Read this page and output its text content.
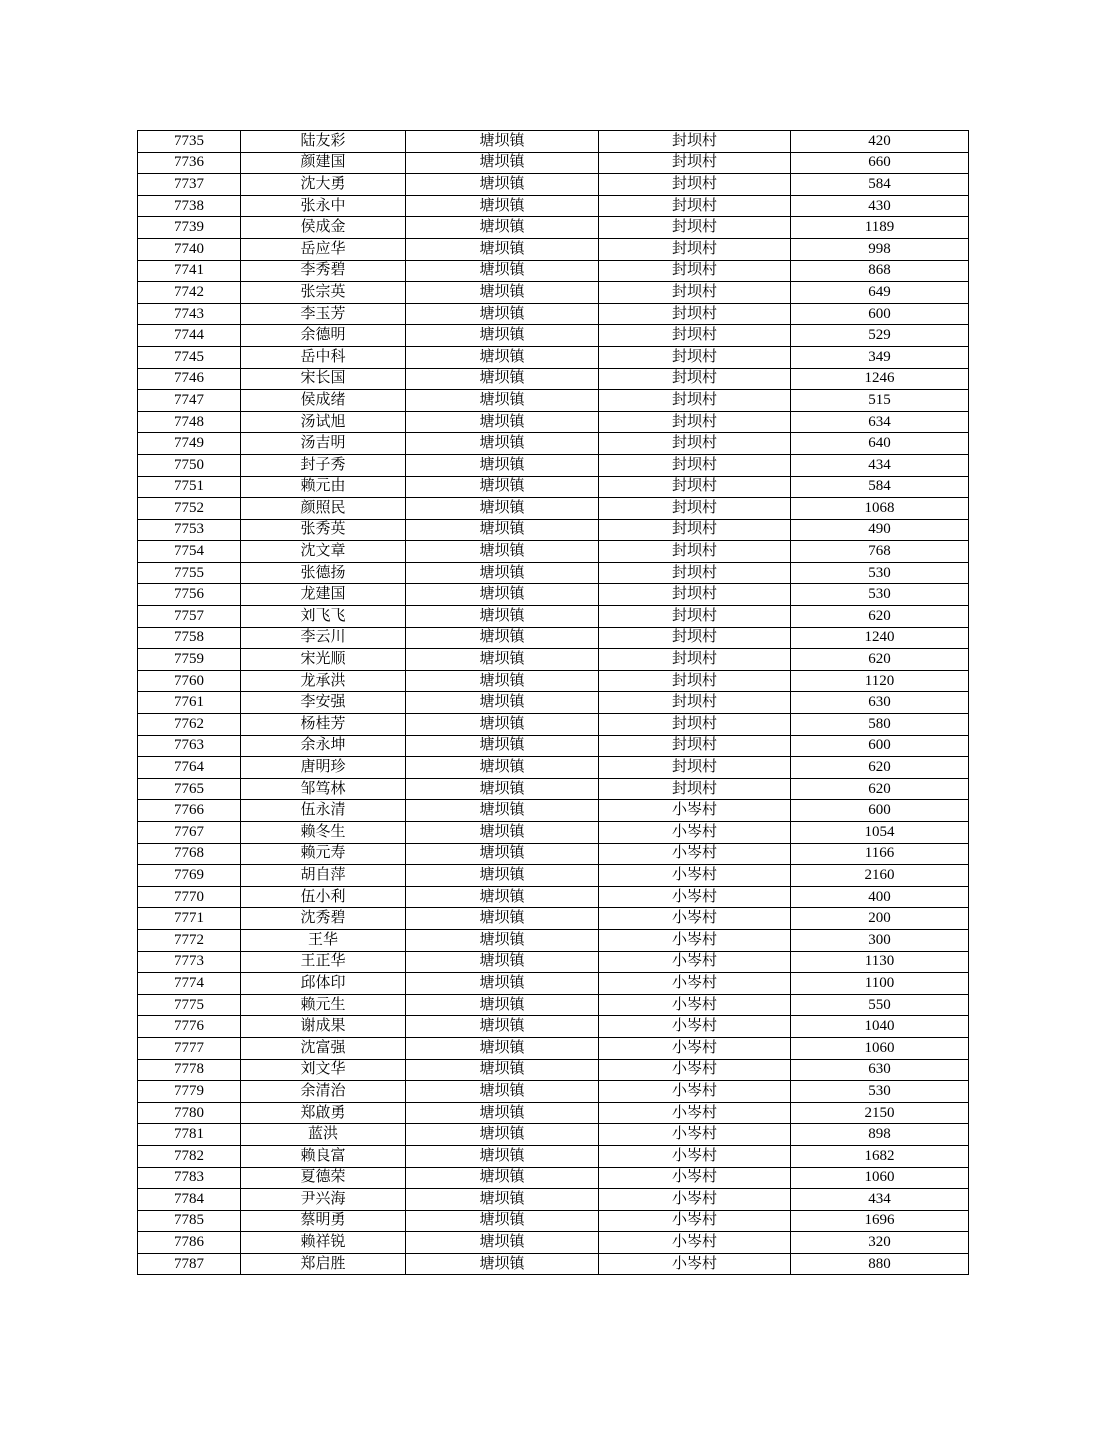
7735	陆友彩	塘坝镇	封坝村	420
7736	颜建国	塘坝镇	封坝村	660
7737	沈大勇	塘坝镇	封坝村	584
7738	张永中	塘坝镇	封坝村	430
7739	侯成金	塘坝镇	封坝村	1189
7740	岳应华	塘坝镇	封坝村	998
7741	李秀碧	塘坝镇	封坝村	868
7742	张宗英	塘坝镇	封坝村	649
7743	李玉芳	塘坝镇	封坝村	600
7744	余德明	塘坝镇	封坝村	529
7745	岳中科	塘坝镇	封坝村	349
7746	宋长国	塘坝镇	封坝村	1246
7747	侯成绪	塘坝镇	封坝村	515
7748	汤试旭	塘坝镇	封坝村	634
7749	汤吉明	塘坝镇	封坝村	640
7750	封子秀	塘坝镇	封坝村	434
7751	赖元由	塘坝镇	封坝村	584
7752	颜照民	塘坝镇	封坝村	1068
7753	张秀英	塘坝镇	封坝村	490
7754	沈文章	塘坝镇	封坝村	768
7755	张德扬	塘坝镇	封坝村	530
7756	龙建国	塘坝镇	封坝村	530
7757	刘飞飞	塘坝镇	封坝村	620
7758	李云川	塘坝镇	封坝村	1240
7759	宋光顺	塘坝镇	封坝村	620
7760	龙承洪	塘坝镇	封坝村	1120
7761	李安强	塘坝镇	封坝村	630
7762	杨桂芳	塘坝镇	封坝村	580
7763	余永坤	塘坝镇	封坝村	600
7764	唐明珍	塘坝镇	封坝村	620
7765	邹笃林	塘坝镇	封坝村	620
7766	伍永清	塘坝镇	小岑村	600
7767	赖冬生	塘坝镇	小岑村	1054
7768	赖元寿	塘坝镇	小岑村	1166
7769	胡自萍	塘坝镇	小岑村	2160
7770	伍小利	塘坝镇	小岑村	400
7771	沈秀碧	塘坝镇	小岑村	200
7772	王华	塘坝镇	小岑村	300
7773	王正华	塘坝镇	小岑村	1130
7774	邱体印	塘坝镇	小岑村	1100
7775	赖元生	塘坝镇	小岑村	550
7776	谢成果	塘坝镇	小岑村	1040
7777	沈富强	塘坝镇	小岑村	1060
7778	刘文华	塘坝镇	小岑村	630
7779	余清治	塘坝镇	小岑村	530
7780	郑啟勇	塘坝镇	小岑村	2150
7781	蓝洪	塘坝镇	小岑村	898
7782	赖良富	塘坝镇	小岑村	1682
7783	夏德荣	塘坝镇	小岑村	1060
7784	尹兴海	塘坝镇	小岑村	434
7785	蔡明勇	塘坝镇	小岑村	1696
7786	赖祥锐	塘坝镇	小岑村	320
7787	郑启胜	塘坝镇	小岑村	880
